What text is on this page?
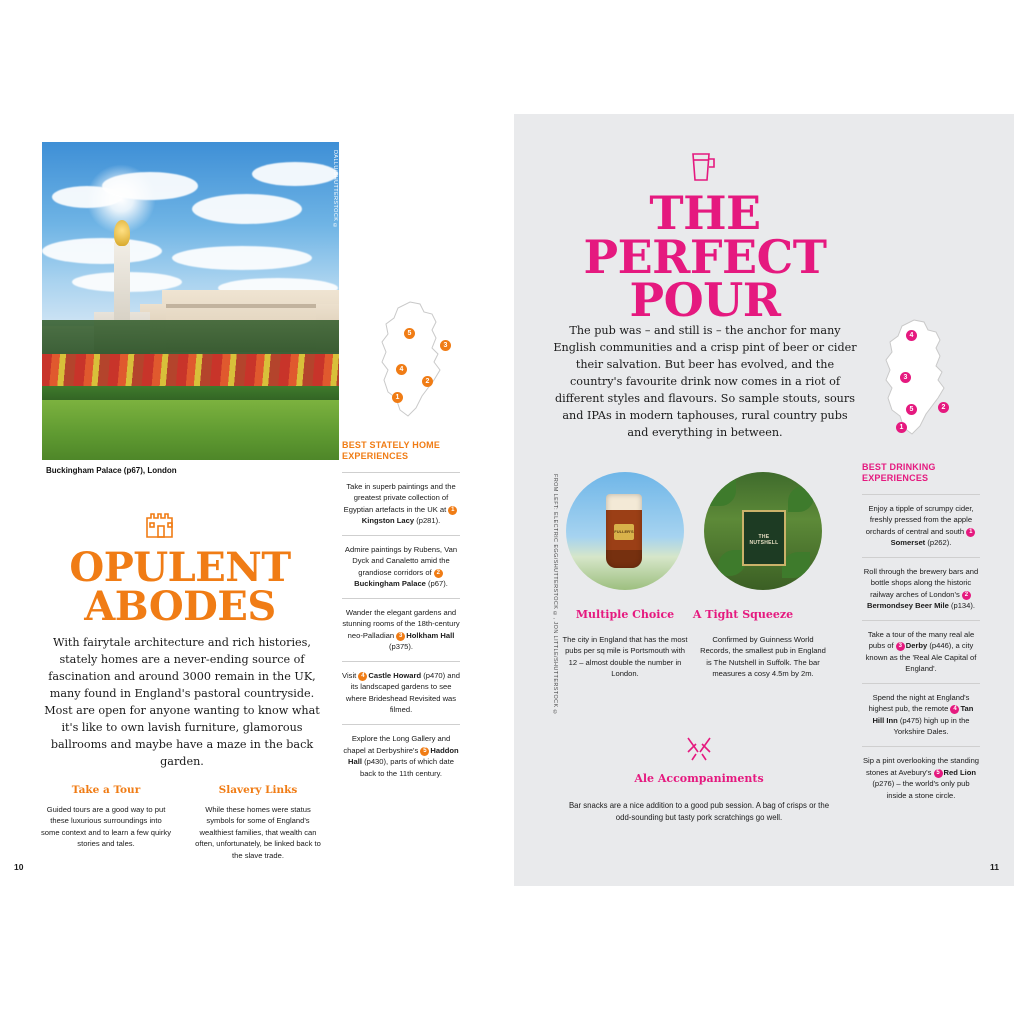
DALLU/SHUTTERSTOCK ©
Buckingham Palace (p67), London
OPULENT
ABODES
With fairytale architecture and rich histories, stately homes are a never-ending source of fascination and around 3000 remain in the UK, many found in England's pastoral countryside. Most are open for anyone wanting to know what it's like to own lavish furniture, glamorous ballrooms and maybe have a maze in the back garden.
Take a Tour

Guided tours are a good way to put these luxurious surroundings into some context and to learn a few quirky stories and tales.

Slavery Links

While these homes were status symbols for some of England's wealthiest families, that wealth can often, unfortunately, be linked back to the slave trade.

5
3
4
1
2
BEST STATELY HOME EXPERIENCES
Take in superb paintings and the greatest private collection of Egyptian artefacts in the UK at 1Kingston Lacy (p281).
Admire paintings by Rubens, Van Dyck and Canaletto amid the grandiose corridors of 2Buckingham Palace (p67).
Wander the elegant gardens and stunning rooms of the 18th-century neo-Palladian 3 Holkham Hall (p375).
Visit 4 Castle Howard (p470) and its landscaped gardens to see where Brideshead Revisited was filmed.
Explore the Long Gallery and chapel at Derbyshire's 5 Haddon Hall (p430), parts of which date back to the 11th century.
10
THE
PERFECT
POUR
The pub was – and still is – the anchor for many English communities and a crisp pint of beer or cider their salvation. But beer has evolved, and the country's favourite drink now comes in a riot of different styles and flavours. So sample stouts, sours and IPAs in modern taphouses, rural country pubs and everything in between.
FROM LEFT: ELECTRIC EGG/SHUTTERSTOCK ©, JON LITTLE/SHUTTERSTOCK ©	FULLER'S
THE NUTSHELL
Multiple Choice	A Tight Squeeze
The city in England that has the most pubs per sq mile is Portsmouth with 12 – almost double the number in London.
Confirmed by Guinness World Records, the smallest pub in England is The Nutshell in Suffolk. The bar measures a cosy 4.5m by 2m.
Ale Accompaniments
Bar snacks are a nice addition to a good pub session. A bag of crisps or the odd-sounding but tasty pork scratchings go well.
4
3
5	2
1
BEST DRINKING EXPERIENCES
Enjoy a tipple of scrumpy cider, freshly pressed from the apple orchards of central and south 1Somerset (p262).
Roll through the brewery bars and bottle shops along the historic railway arches of London's 2Bermondsey Beer Mile (p134).
Take a tour of the many real ale pubs of 3 Derby (p446), a city known as the 'Real Ale Capital of England'.
Spend the night at England's highest pub, the remote 4 Tan Hill Inn (p475) high up in the Yorkshire Dales.
Sip a pint overlooking the standing stones at Avebury's 5 Red Lion (p276) – the world's only pub inside a stone circle.
11
